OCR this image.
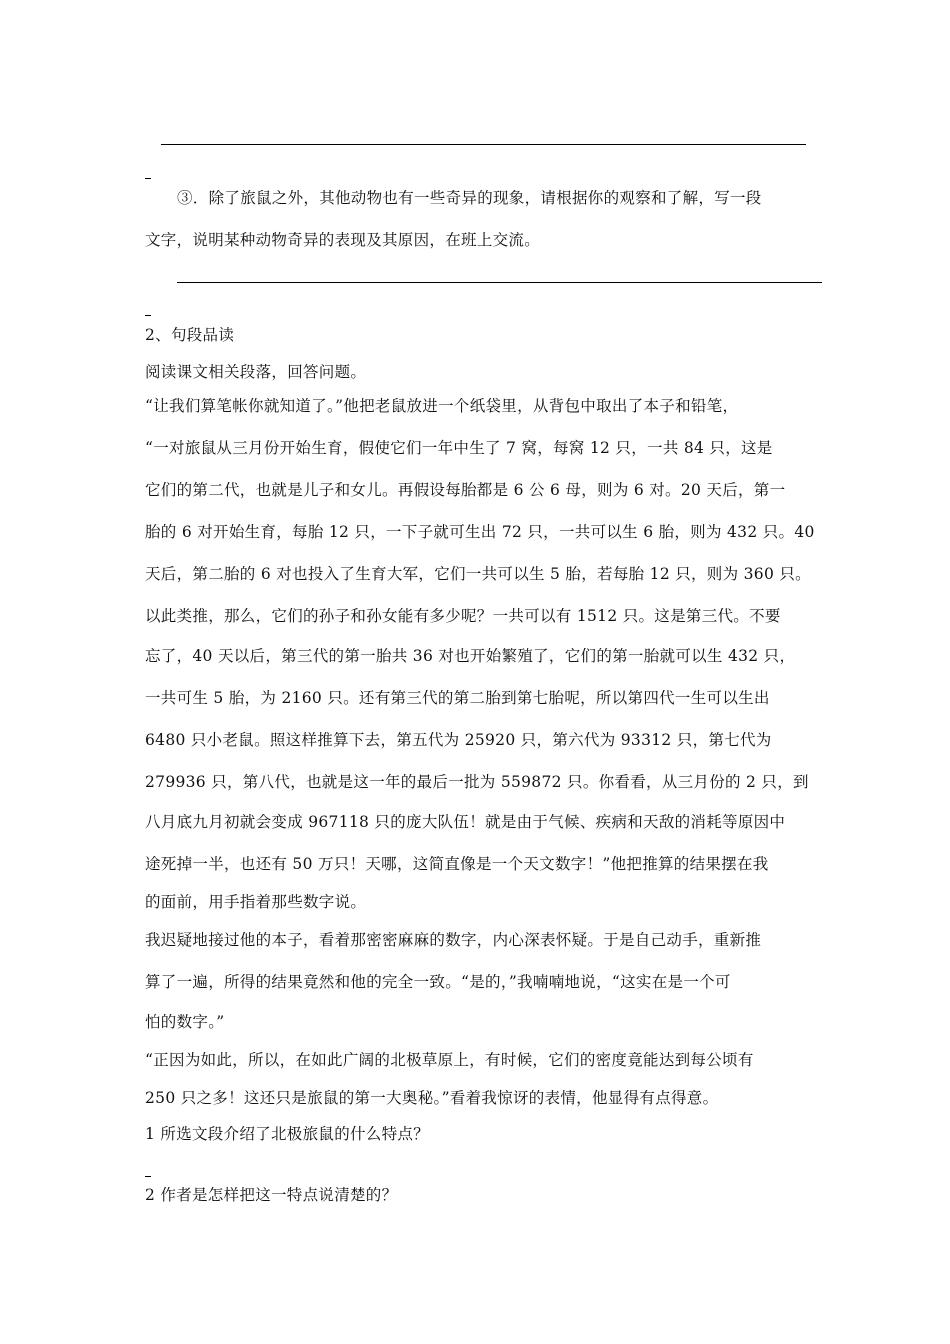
③．除了旅鼠之外，其他动物也有一些奇异的现象，请根据你的观察和了解，写一段
文字，说明某种动物奇异的表现及其原因，在班上交流。
2、句段品读
阅读课文相关段落，回答问题。
“让我们算笔帐你就知道了。”他把老鼠放进一个纸袋里，从背包中取出了本子和铅笔，
“一对旅鼠从三月份开始生育，假使它们一年中生了 7 窝，每窝 12 只，一共 84 只，这是
它们的第二代，也就是儿子和女儿。再假设每胎都是 6 公 6 母，则为 6 对。20 天后，第一
胎的 6 对开始生育，每胎 12 只，一下子就可生出 72 只，一共可以生 6 胎，则为 432 只。40
天后，第二胎的 6 对也投入了生育大军，它们一共可以生 5 胎，若每胎 12 只，则为 360 只。
以此类推，那么，它们的孙子和孙女能有多少呢？一共可以有 1512 只。这是第三代。不要
忘了，40 天以后，第三代的第一胎共 36 对也开始繁殖了，它们的第一胎就可以生 432 只，
一共可生 5 胎，为 2160 只。还有第三代的第二胎到第七胎呢，所以第四代一生可以生出
6480 只小老鼠。照这样推算下去，第五代为 25920 只，第六代为 93312 只，第七代为
279936 只，第八代，也就是这一年的最后一批为 559872 只。你看看，从三月份的 2 只，到
八月底九月初就会变成 967118 只的庞大队伍！就是由于气候、疾病和天敌的消耗等原因中
途死掉一半，也还有 50 万只！天哪，这简直像是一个天文数字！”他把推算的结果摆在我
的面前，用手指着那些数字说。
我迟疑地接过他的本子，看着那密密麻麻的数字，内心深表怀疑。于是自己动手，重新推
算了一遍，所得的结果竟然和他的完全一致。“是的，”我喃喃地说，“这实在是一个可
怕的数字。”
“正因为如此，所以，在如此广阔的北极草原上，有时候，它们的密度竟能达到每公顷有
250 只之多！这还只是旅鼠的第一大奥秘。”看着我惊讶的表情，他显得有点得意。
1 所选文段介绍了北极旅鼠的什么特点？
2 作者是怎样把这一特点说清楚的？
